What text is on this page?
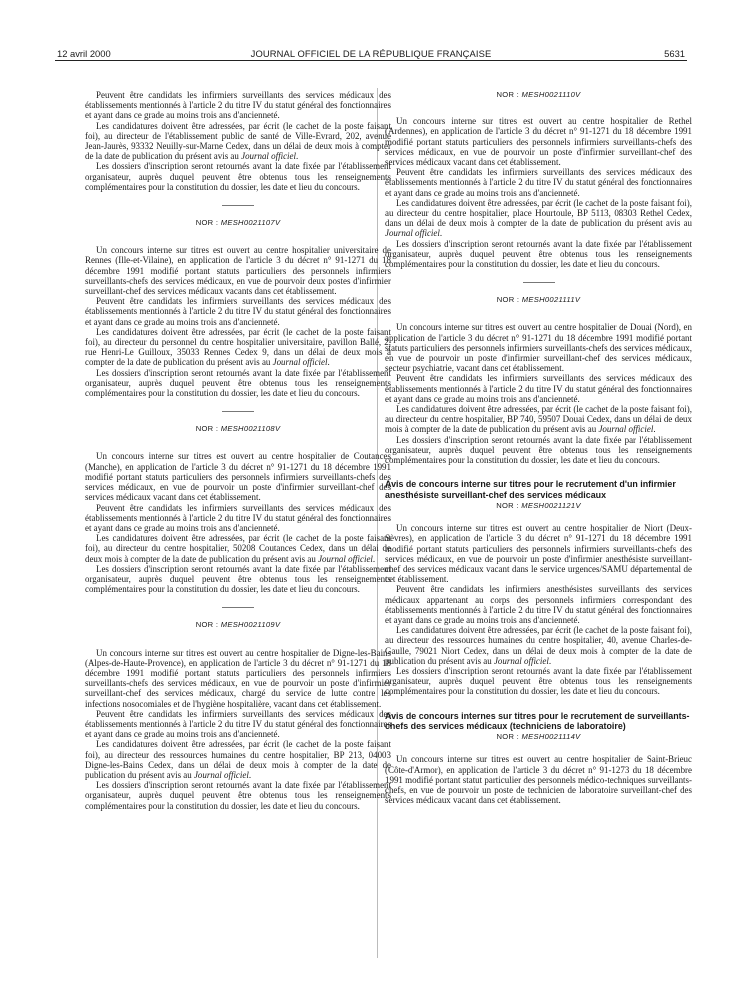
12 avril 2000	JOURNAL OFFICIEL DE LA RÉPUBLIQUE FRANÇAISE	5631

Peuvent être candidats les infirmiers surveillants des services médicaux des établissements mentionnés à l'article 2 du titre IV du statut général des fonctionnaires et ayant dans ce grade au moins trois ans d'ancienneté.

Les candidatures doivent être adressées, par écrit (le cachet de la poste faisant foi), au directeur de l'établissement public de santé de Ville-Evrard, 202, avenue Jean-Jaurès, 93332 Neuilly-sur-Marne Cedex, dans un délai de deux mois à compter de la date de publication du présent avis au Journal officiel.

Les dossiers d'inscription seront retournés avant la date fixée par l'établissement organisateur, auprès duquel peuvent être obtenus tous les renseignements complémentaires pour la constitution du dossier, les date et lieu du concours.

NOR : MESH0021107V

Un concours interne sur titres est ouvert au centre hospitalier universitaire de Rennes (Ille-et-Vilaine), en application de l'article 3 du décret n° 91-1271 du 18 décembre 1991 modifié portant statuts particuliers des personnels infirmiers surveillants-chefs des services médicaux, en vue de pourvoir deux postes d'infirmier surveillant-chef des services médicaux vacants dans cet établissement.

Peuvent être candidats les infirmiers surveillants des services médicaux des établissements mentionnés à l'article 2 du titre IV du statut général des fonctionnaires et ayant dans ce grade au moins trois ans d'ancienneté.

Les candidatures doivent être adressées, par écrit (le cachet de la poste faisant foi), au directeur du personnel du centre hospitalier universitaire, pavillon Ballé, 2, rue Henri-Le Guilloux, 35033 Rennes Cedex 9, dans un délai de deux mois à compter de la date de publication du présent avis au Journal officiel.

Les dossiers d'inscription seront retournés avant la date fixée par l'établissement organisateur, auprès duquel peuvent être obtenus tous les renseignements complémentaires pour la constitution du dossier, les date et lieu du concours.

NOR : MESH0021108V

Un concours interne sur titres est ouvert au centre hospitalier de Coutances (Manche), en application de l'article 3 du décret n° 91-1271 du 18 décembre 1991 modifié portant statuts particuliers des personnels infirmiers surveillants-chefs des services médicaux, en vue de pourvoir un poste d'infirmier surveillant-chef des services médicaux vacant dans cet établissement.

Peuvent être candidats les infirmiers surveillants des services médicaux des établissements mentionnés à l'article 2 du titre IV du statut général des fonctionnaires et ayant dans ce grade au moins trois ans d'ancienneté.

Les candidatures doivent être adressées, par écrit (le cachet de la poste faisant foi), au directeur du centre hospitalier, 50208 Coutances Cedex, dans un délai de deux mois à compter de la date de publication du présent avis au Journal officiel.

Les dossiers d'inscription seront retournés avant la date fixée par l'établissement organisateur, auprès duquel peuvent être obtenus tous les renseignements complémentaires pour la constitution du dossier, les date et lieu du concours.

NOR : MESH0021109V

Un concours interne sur titres est ouvert au centre hospitalier de Digne-les-Bains (Alpes-de-Haute-Provence), en application de l'article 3 du décret n° 91-1271 du 18 décembre 1991 modifié portant statuts particuliers des personnels infirmiers surveillants-chefs des services médicaux, en vue de pourvoir un poste d'infirmier surveillant-chef des services médicaux, chargé du service de lutte contre les infections nosocomiales et de l'hygiène hospitalière, vacant dans cet établissement.

Peuvent être candidats les infirmiers surveillants des services médicaux des établissements mentionnés à l'article 2 du titre IV du statut général des fonctionnaires et ayant dans ce grade au moins trois ans d'ancienneté.

Les candidatures doivent être adressées, par écrit (le cachet de la poste faisant foi), au directeur des ressources humaines du centre hospitalier, BP 213, 04003 Digne-les-Bains Cedex, dans un délai de deux mois à compter de la date de publication du présent avis au Journal officiel.

Les dossiers d'inscription seront retournés avant la date fixée par l'établissement organisateur, auprès duquel peuvent être obtenus tous les renseignements complémentaires pour la constitution du dossier, les date et lieu du concours.

NOR : MESH0021110V

Un concours interne sur titres est ouvert au centre hospitalier de Rethel (Ardennes), en application de l'article 3 du décret n° 91-1271 du 18 décembre 1991 modifié portant statuts particuliers des personnels infirmiers surveillants-chefs des services médicaux, en vue de pourvoir un poste d'infirmier surveillant-chef des services médicaux vacant dans cet établissement.

Peuvent être candidats les infirmiers surveillants des services médicaux des établissements mentionnés à l'article 2 du titre IV du statut général des fonctionnaires et ayant dans ce grade au moins trois ans d'ancienneté.

Les candidatures doivent être adressées, par écrit (le cachet de la poste faisant foi), au directeur du centre hospitalier, place Hourtoule, BP 5113, 08303 Rethel Cedex, dans un délai de deux mois à compter de la date de publication du présent avis au Journal officiel.

Les dossiers d'inscription seront retournés avant la date fixée par l'établissement organisateur, auprès duquel peuvent être obtenus tous les renseignements complémentaires pour la constitution du dossier, les date et lieu du concours.

NOR : MESH0021111V

Un concours interne sur titres est ouvert au centre hospitalier de Douai (Nord), en application de l'article 3 du décret n° 91-1271 du 18 décembre 1991 modifié portant statuts particuliers des personnels infirmiers surveillants-chefs des services médicaux, en vue de pourvoir un poste d'infirmier surveillant-chef des services médicaux, secteur psychiatrie, vacant dans cet établissement.

Peuvent être candidats les infirmiers surveillants des services médicaux des établissements mentionnés à l'article 2 du titre IV du statut général des fonctionnaires et ayant dans ce grade au moins trois ans d'ancienneté.

Les candidatures doivent être adressées, par écrit (le cachet de la poste faisant foi), au directeur du centre hospitalier, BP 740, 59507 Douai Cedex, dans un délai de deux mois à compter de la date de publication du présent avis au Journal officiel.

Les dossiers d'inscription seront retournés avant la date fixée par l'établissement organisateur, auprès duquel peuvent être obtenus tous les renseignements complémentaires pour la constitution du dossier, les date et lieu du concours.

Avis de concours interne sur titres pour le recrutement d'un infirmier anesthésiste surveillant-chef des services médicaux
NOR : MESH0021121V

Un concours interne sur titres est ouvert au centre hospitalier de Niort (Deux-Sèvres), en application de l'article 3 du décret n° 91-1271 du 18 décembre 1991 modifié portant statuts particuliers des personnels infirmiers surveillants-chefs des services médicaux, en vue de pourvoir un poste d'infirmier anesthésiste surveillant-chef des services médicaux vacant dans le service urgences/SAMU départemental de cet établissement.

Peuvent être candidats les infirmiers anesthésistes surveillants des services médicaux appartenant au corps des personnels infirmiers correspondant des établissements mentionnés à l'article 2 du titre IV du statut général des fonctionnaires et ayant dans ce grade au moins trois ans d'ancienneté.

Les candidatures doivent être adressées, par écrit (le cachet de la poste faisant foi), au directeur des ressources humaines du centre hospitalier, 40, avenue Charles-de-Gaulle, 79021 Niort Cedex, dans un délai de deux mois à compter de la date de publication du présent avis au Journal officiel.

Les dossiers d'inscription seront retournés avant la date fixée par l'établissement organisateur, auprès duquel peuvent être obtenus tous les renseignements complémentaires pour la constitution du dossier, les date et lieu du concours.

Avis de concours internes sur titres pour le recrutement de surveillants-chefs des services médicaux (techniciens de laboratoire)
NOR : MESH0021114V

Un concours interne sur titres est ouvert au centre hospitalier de Saint-Brieuc (Côte-d'Armor), en application de l'article 3 du décret n° 91-1273 du 18 décembre 1991 modifié portant statut particulier des personnels médico-techniques surveillants-chefs, en vue de pourvoir un poste de technicien de laboratoire surveillant-chef des services médicaux vacant dans cet établissement.
